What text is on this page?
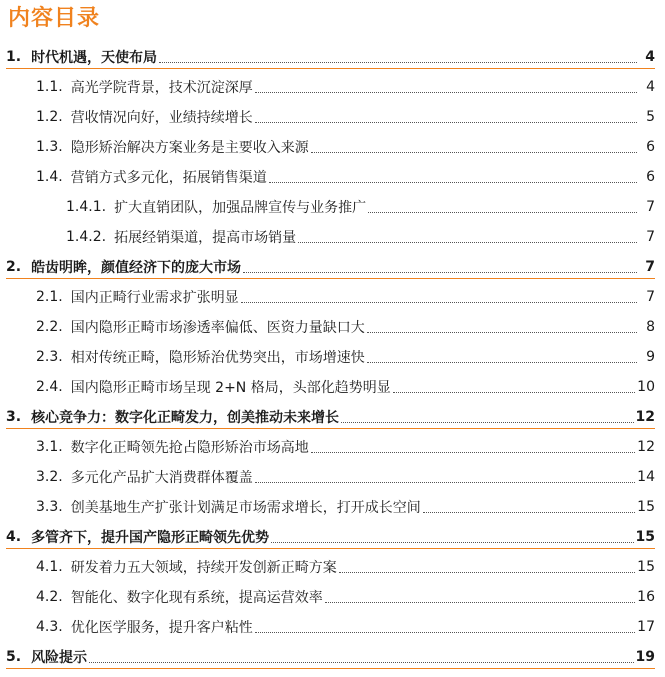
内容目录
1. 时代机遇，天使布局	4
1.1. 高光学院背景，技术沉淀深厚	4
1.2. 营收情况向好，业绩持续增长	5
1.3. 隐形矫治解决方案业务是主要收入来源	6
1.4. 营销方式多元化，拓展销售渠道	6
1.4.1. 扩大直销团队，加强品牌宣传与业务推广	7
1.4.2. 拓展经销渠道，提高市场销量	7
2. 皓齿明眸，颜值经济下的庞大市场	7
2.1. 国内正畸行业需求扩张明显	7
2.2. 国内隐形正畸市场渗透率偏低、医资力量缺口大	8
2.3. 相对传统正畸，隐形矫治优势突出，市场增速快	9
2.4. 国内隐形正畸市场呈现 2+N 格局，头部化趋势明显	10
3. 核心竞争力：数字化正畸发力，创美推动未来增长	12
3.1. 数字化正畸领先抢占隐形矫治市场高地	12
3.2. 多元化产品扩大消费群体覆盖	14
3.3. 创美基地生产扩张计划满足市场需求增长，打开成长空间	15
4. 多管齐下，提升国产隐形正畸领先优势	15
4.1. 研发着力五大领域，持续开发创新正畸方案	15
4.2. 智能化、数字化现有系统，提高运营效率	16
4.3. 优化医学服务，提升客户粘性	17
5. 风险提示	19
